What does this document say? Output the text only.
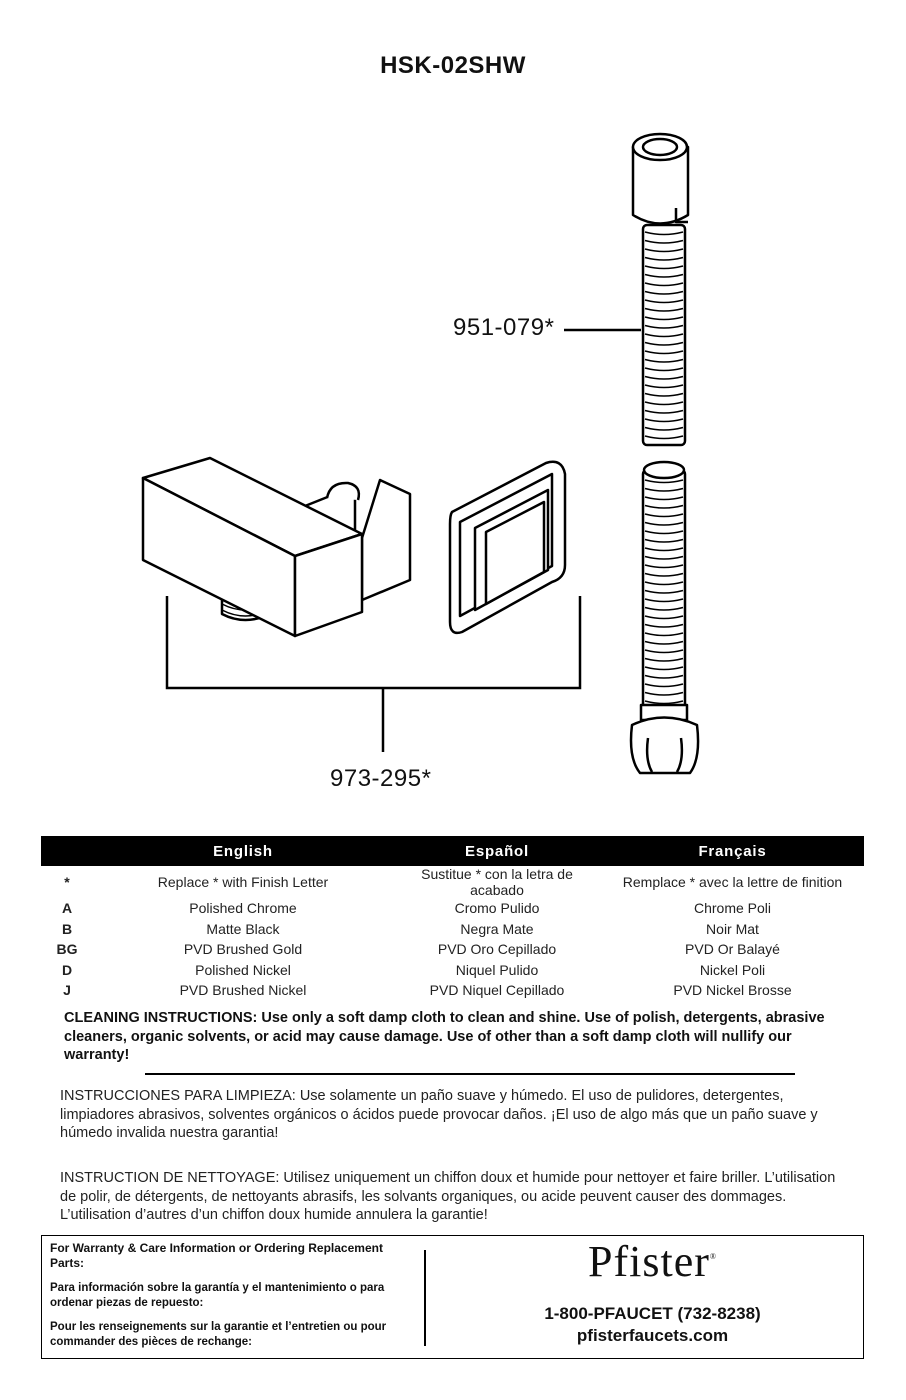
HSK-02SHW
951-079*
973-295*
	English	Español	Français
*	Replace * with Finish Letter	Sustitue * con la letra de acabado	Remplace * avec la lettre de finition
A	Polished Chrome	Cromo Pulido	Chrome Poli
B	Matte Black	Negra Mate	Noir Mat
BG	PVD Brushed Gold	PVD Oro Cepillado	PVD Or Balayé
D	Polished Nickel	Niquel Pulido	Nickel Poli
J	PVD Brushed Nickel	PVD Niquel Cepillado	PVD Nickel Brosse
CLEANING INSTRUCTIONS: Use only a soft damp cloth to clean and shine. Use of polish, detergents, abrasive cleaners, organic solvents, or acid may cause damage. Use of other than a soft damp cloth will nullify our warranty!
INSTRUCCIONES PARA LIMPIEZA: Use solamente un paño suave y húmedo. El uso de pulidores, detergentes, limpiadores abrasivos, solventes orgánicos o ácidos puede provocar daños. ¡El uso de algo más que un paño suave y húmedo invalida nuestra garantia!
INSTRUCTION DE NETTOYAGE: Utilisez uniquement un chiffon doux et humide pour nettoyer et faire briller. L’utilisation de polir, de détergents, de nettoyants abrasifs, les solvants organiques, ou acide peuvent causer des dommages. L’utilisation d’autres d’un chiffon doux humide annulera la garantie!
For Warranty & Care Information or Ordering Replacement Parts:
Para información sobre la garantía y el mantenimiento o para ordenar piezas de repuesto:
Pour les renseignements sur la garantie et l’entretien ou pour commander des pièces de rechange:
Pfister®
1-800-PFAUCET (732-8238)
pfisterfaucets.com
